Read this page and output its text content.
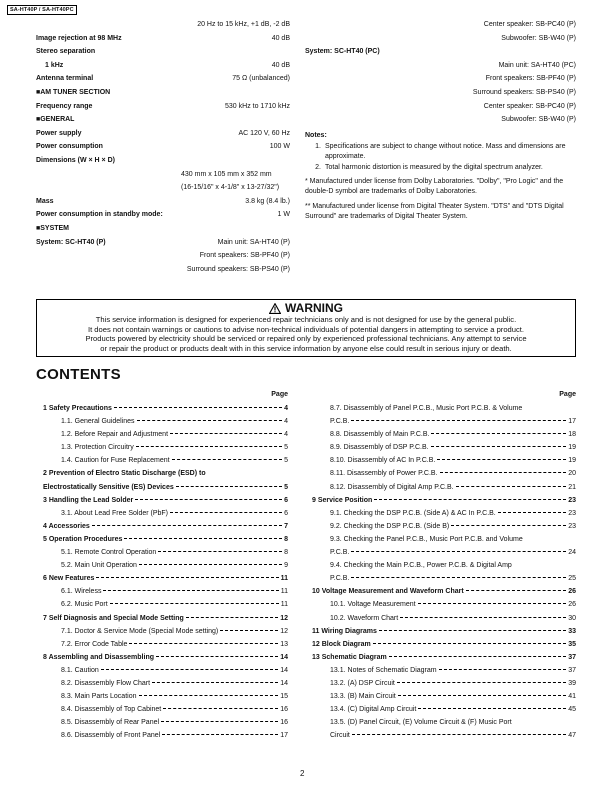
SA-HT40P / SA-HT40PC
20 Hz to 15 kHz, +1 dB, -2 dB
Image rejection at 98 MHz	40 dB
Stereo separation
1 kHz	40 dB
Antenna terminal	75 Ω (unbalanced)
■AM TUNER SECTION
Frequency range	530 kHz to 1710 kHz
■GENERAL
Power supply	AC 120 V, 60 Hz
Power consumption	100 W
Dimensions (W × H × D)
430 mm x 105 mm x 352 mm
(16-15/16" x 4-1/8" x 13-27/32")
Mass	3.8 kg (8.4 lb.)
Power consumption in standby mode:	1 W
■SYSTEM
System: SC-HT40 (P)	Main unit: SA-HT40 (P)
Front speakers: SB-PF40 (P)
Surround speakers: SB-PS40 (P)
Center speaker: SB-PC40 (P)
Subwoofer: SB-W40 (P)
System: SC-HT40 (PC)
Main unit: SA-HT40 (PC)
Front speakers: SB-PF40 (P)
Surround speakers: SB-PS40 (P)
Center speaker: SB-PC40 (P)
Subwoofer: SB-W40 (P)
Notes:
1. Specifications are subject to change without notice. Mass and dimensions are approximate.
2. Total harmonic distortion is measured by the digital spectrum analyzer.
* Manufactured under license from Dolby Laboratories. "Dolby", "Pro Logic" and the double-D symbol are trademarks of Dolby Laboratories.
** Manufactured under license from Digital Theater System. "DTS" and "DTS Digital Surround" are trademarks of Digital Theater System.
WARNING
This service information is designed for experienced repair technicians only and is not designed for use by the general public.
It does not contain warnings or cautions to advise non-technical individuals of potential dangers in attempting to service a product.
Products powered by electricity should be serviced or repaired only by experienced professional technicians. Any attempt to service
or repair the product or products dealt with in this service information by anyone else could result in serious injury or death.
CONTENTS
Page
1 Safety Precautions	4
1.1. General Guidelines	4
1.2. Before Repair and Adjustment	4
1.3. Protection Circuitry	5
1.4. Caution for Fuse Replacement	5
2 Prevention of Electro Static Discharge (ESD) to
Electrostatically Sensitive (ES) Devices	5
3 Handling the Lead Solder	6
3.1. About Lead Free Solder (PbF)	6
4 Accessories	7
5 Operation Procedures	8
5.1. Remote Control Operation	8
5.2. Main Unit Operation	9
6 New Features	11
6.1. Wireless	11
6.2. Music Port	11
7 Self Diagnosis and Special Mode Setting	12
7.1. Doctor & Service Mode (Special Mode setting)	12
7.2. Error Code Table	13
8 Assembling and Disassembling	14
8.1. Caution	14
8.2. Disassembly Flow Chart	14
8.3. Main Parts Location	15
8.4. Disassembly of Top Cabinet	16
8.5. Disassembly of Rear Panel	16
8.6. Disassembly of Front Panel	17
Page
8.7. Disassembly of Panel P.C.B., Music Port P.C.B. & Volume
P.C.B.	17
8.8. Disassembly of Main P.C.B.	18
8.9. Disassembly of DSP P.C.B.	19
8.10. Disassembly of AC In P.C.B.	19
8.11. Disassembly of Power P.C.B.	20
8.12. Disassembly of Digital Amp P.C.B.	21
9 Service Position	23
9.1. Checking the DSP P.C.B. (Side A) & AC In P.C.B.	23
9.2. Checking the DSP P.C.B. (Side B)	23
9.3. Checking the Panel P.C.B., Music Port P.C.B. and Volume
P.C.B.	24
9.4. Checking the Main P.C.B., Power P.C.B. & Digital Amp
P.C.B.	25
10 Voltage Measurement and Waveform Chart	26
10.1. Voltage Measurement	26
10.2. Waveform Chart	30
11 Wiring Diagrams	33
12 Block Diagram	35
13 Schematic Diagram	37
13.1. Notes of Schematic Diagram	37
13.2. (A) DSP Circuit	39
13.3. (B) Main Circuit	41
13.4. (C) Digital Amp Circuit	45
13.5. (D) Panel Circuit, (E) Volume Circuit & (F) Music Port
Circuit	47
2
